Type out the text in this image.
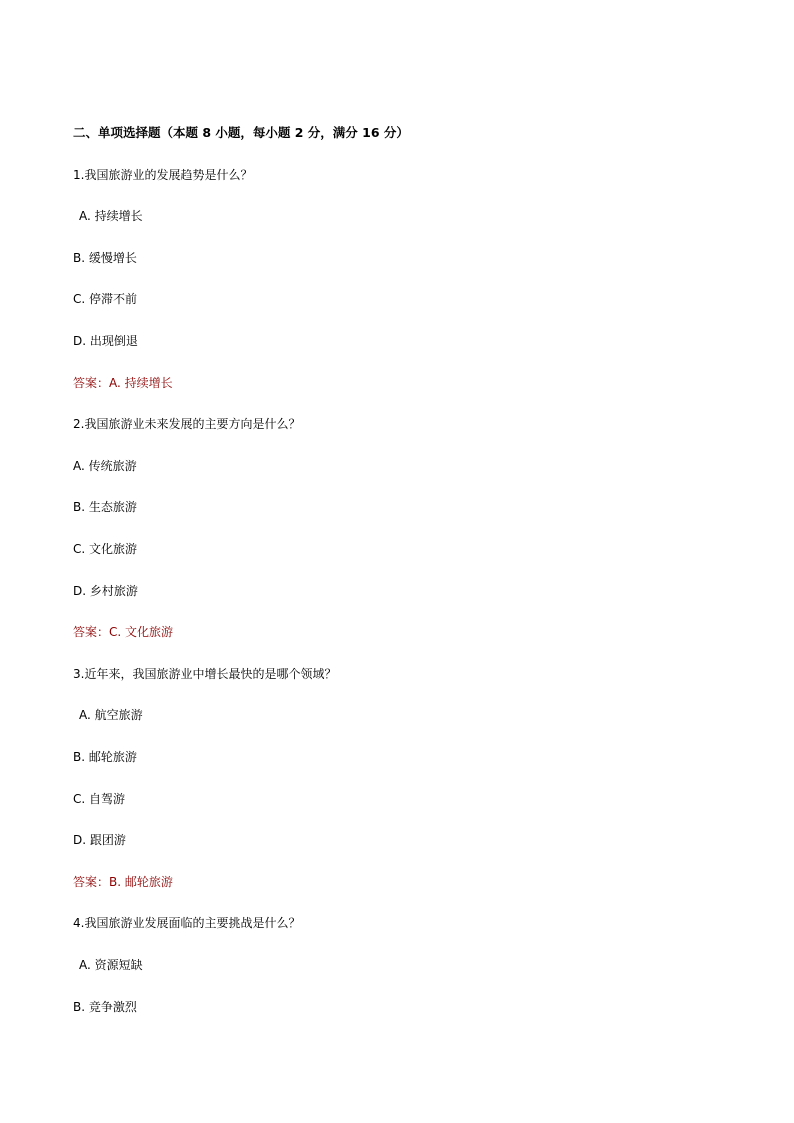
二、单项选择题（本题 8 小题，每小题 2 分，满分 16 分）
1.我国旅游业的发展趋势是什么？
A. 持续增长
B. 缓慢增长
C. 停滞不前
D. 出现倒退
答案：A. 持续增长
2.我国旅游业未来发展的主要方向是什么？
A. 传统旅游
B. 生态旅游
C. 文化旅游
D. 乡村旅游
答案：C. 文化旅游
3.近年来，我国旅游业中增长最快的是哪个领域？
A. 航空旅游
B. 邮轮旅游
C. 自驾游
D. 跟团游
答案：B. 邮轮旅游
4.我国旅游业发展面临的主要挑战是什么？
A. 资源短缺
B. 竞争激烈
